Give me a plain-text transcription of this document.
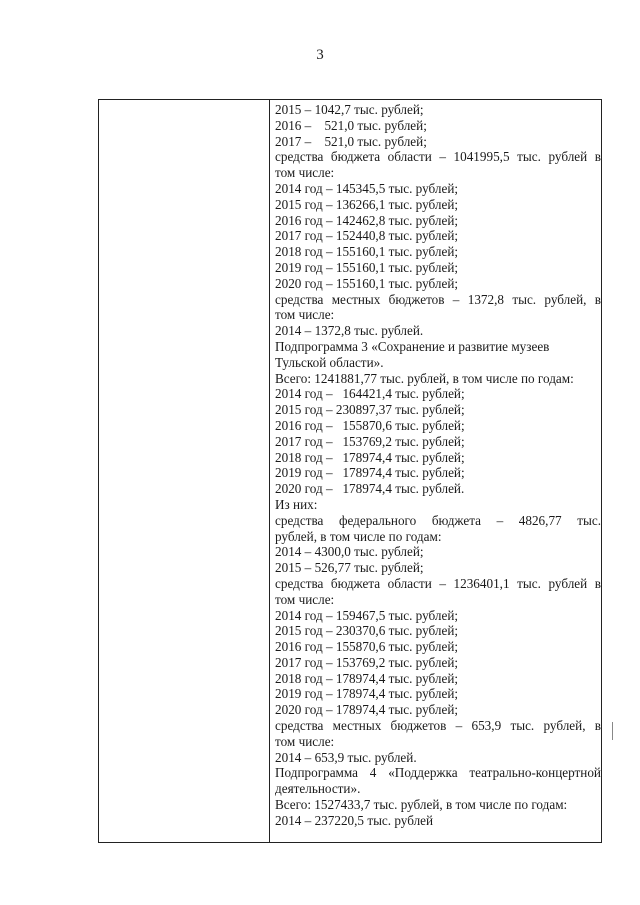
3
2015 – 1042,7 тыс. рублей;
2016 –    521,0 тыс. рублей;
2017 –    521,0 тыс. рублей;
средства бюджета области – 1041995,5 тыс. рублей в
том числе:
2014 год – 145345,5 тыс. рублей;
2015 год – 136266,1 тыс. рублей;
2016 год – 142462,8 тыс. рублей;
2017 год – 152440,8 тыс. рублей;
2018 год – 155160,1 тыс. рублей;
2019 год – 155160,1 тыс. рублей;
2020 год – 155160,1 тыс. рублей;
средства местных бюджетов – 1372,8 тыс. рублей, в
том числе:
2014 – 1372,8 тыс. рублей.
Подпрограмма 3 «Сохранение и развитие музеев
Тульской области».
Всего: 1241881,77 тыс. рублей, в том числе по годам:
2014 год –   164421,4 тыс. рублей;
2015 год – 230897,37 тыс. рублей;
2016 год –   155870,6 тыс. рублей;
2017 год –   153769,2 тыс. рублей;
2018 год –   178974,4 тыс. рублей;
2019 год –   178974,4 тыс. рублей;
2020 год –   178974,4 тыс. рублей.
Из них:
средства федерального бюджета – 4826,77 тыс.
рублей, в том числе по годам:
2014 – 4300,0 тыс. рублей;
2015 – 526,77 тыс. рублей;
средства бюджета области – 1236401,1 тыс. рублей в
том числе:
2014 год – 159467,5 тыс. рублей;
2015 год – 230370,6 тыс. рублей;
2016 год – 155870,6 тыс. рублей;
2017 год – 153769,2 тыс. рублей;
2018 год – 178974,4 тыс. рублей;
2019 год – 178974,4 тыс. рублей;
2020 год – 178974,4 тыс. рублей;
средства местных бюджетов – 653,9 тыс. рублей, в
том числе:
2014 – 653,9 тыс. рублей.
Подпрограмма 4 «Поддержка театрально-концертной
деятельности».
Всего: 1527433,7 тыс. рублей, в том числе по годам:
2014 – 237220,5 тыс. рублей
